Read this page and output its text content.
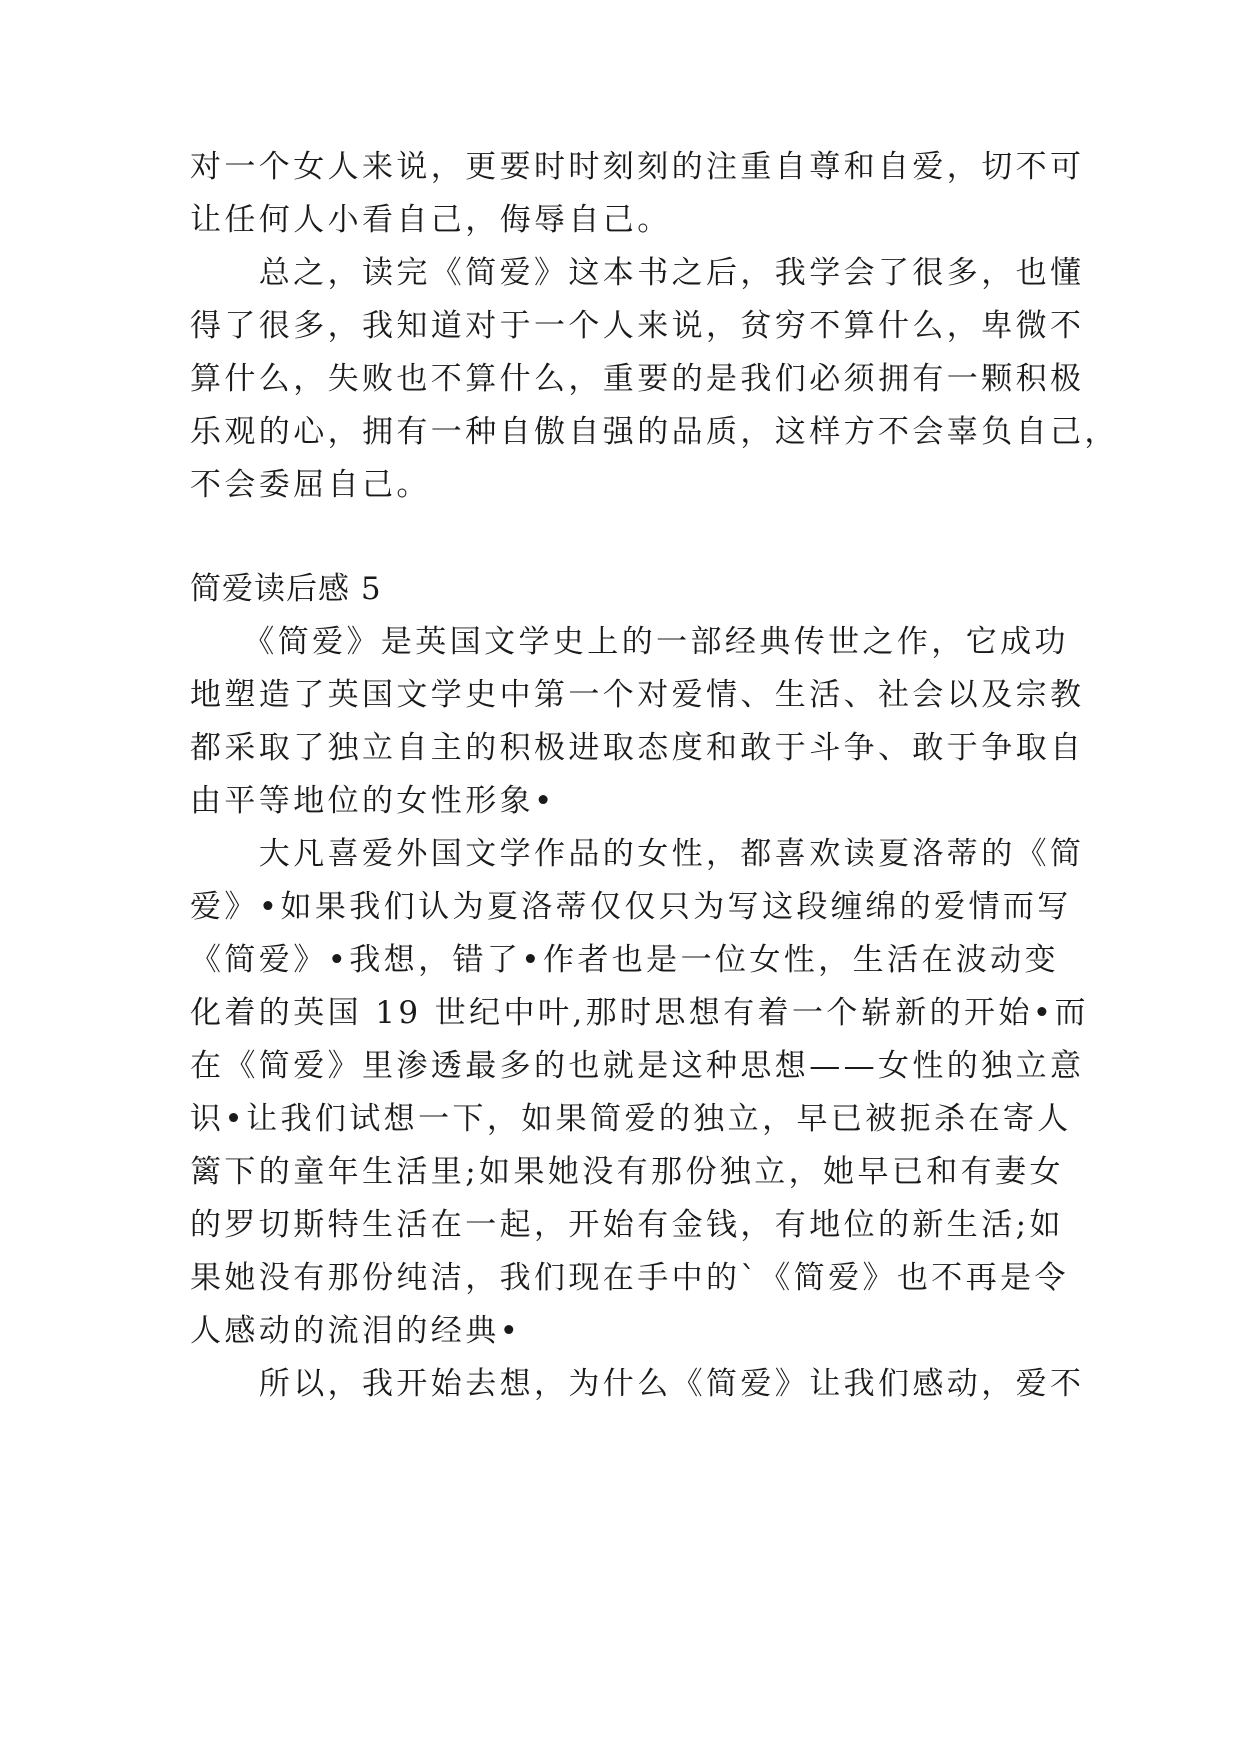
对一个女人来说，更要时时刻刻的注重自尊和自爱，切不可
让任何人小看自己，侮辱自己。
　　总之，读完《简爱》这本书之后，我学会了很多，也懂
得了很多，我知道对于一个人来说，贫穷不算什么，卑微不
算什么，失败也不算什么，重要的是我们必须拥有一颗积极
乐观的心，拥有一种自傲自强的品质，这样方不会辜负自己，
不会委屈自己。
简爱读后感 5
　　《简爱》是英国文学史上的一部经典传世之作，它成功
地塑造了英国文学史中第一个对爱情、生活、社会以及宗教
都采取了独立自主的积极进取态度和敢于斗争、敢于争取自
由平等地位的女性形象•
　　大凡喜爱外国文学作品的女性，都喜欢读夏洛蒂的《简
爱》•如果我们认为夏洛蒂仅仅只为写这段缠绵的爱情而写
《简爱》•我想，错了•作者也是一位女性，生活在波动变
化着的英国 19 世纪中叶,那时思想有着一个崭新的开始•而
在《简爱》里渗透最多的也就是这种思想——女性的独立意
识•让我们试想一下，如果简爱的独立，早已被扼杀在寄人
篱下的童年生活里;如果她没有那份独立，她早已和有妻女
的罗切斯特生活在一起，开始有金钱，有地位的新生活;如
果她没有那份纯洁，我们现在手中的`《简爱》也不再是令
人感动的流泪的经典•
　　所以，我开始去想，为什么《简爱》让我们感动，爱不
